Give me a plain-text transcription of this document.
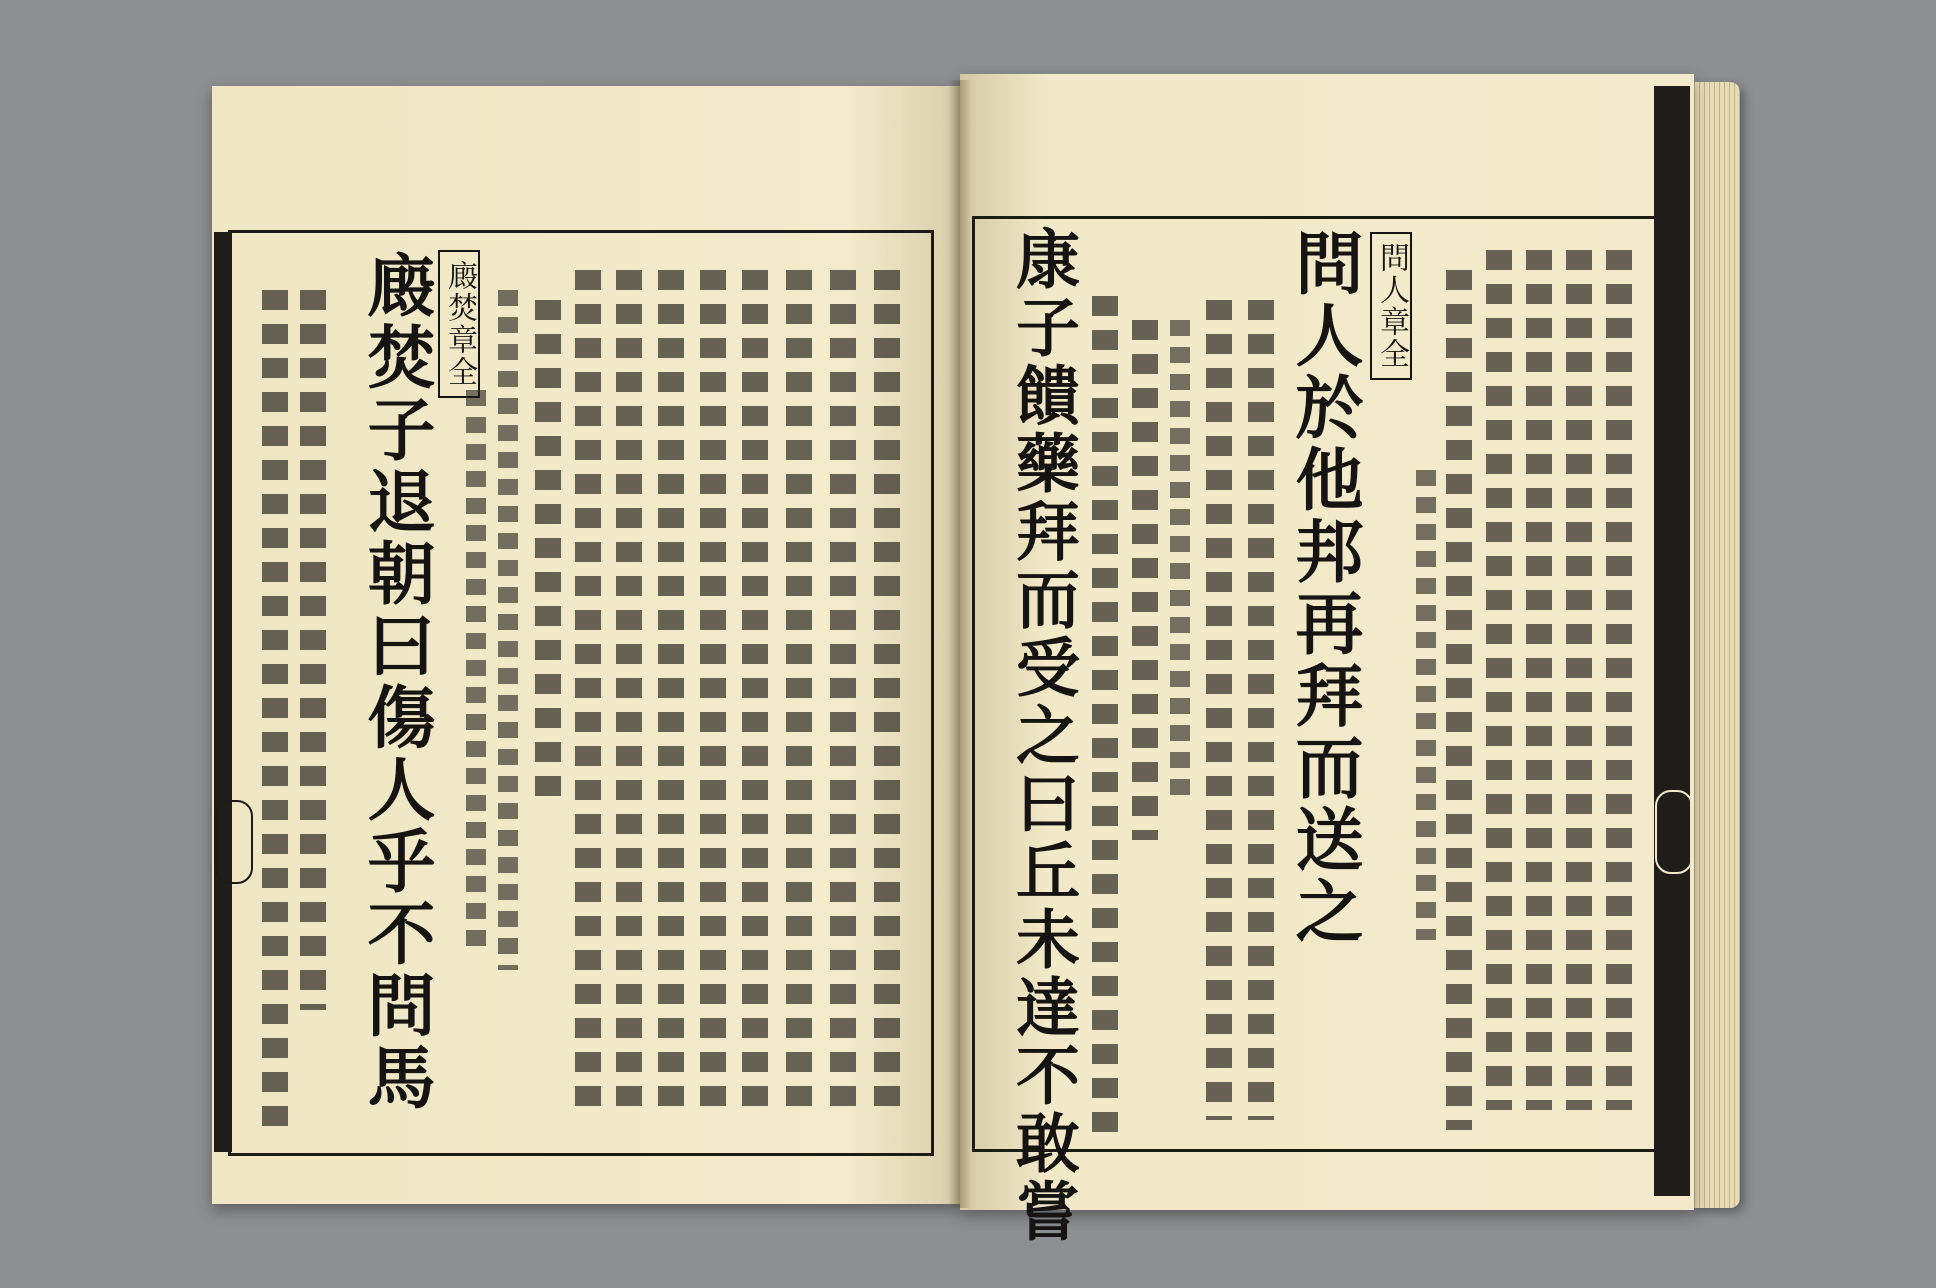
廄焚章全
廄焚子退朝曰傷人乎不問馬	康子饋藥拜而受之曰丘未達不敢嘗	問人於他邦再拜而送之 問人章全
